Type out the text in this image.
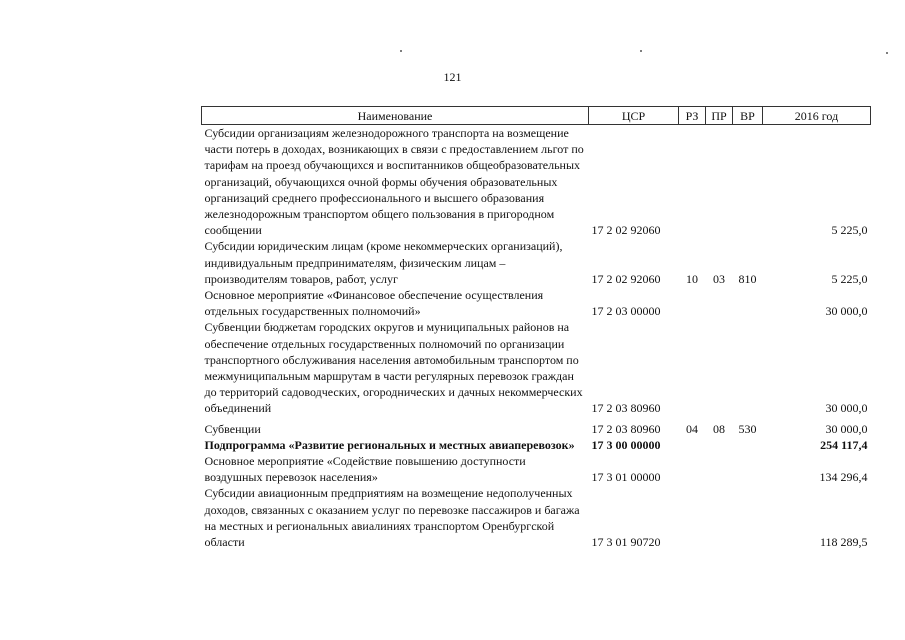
121
Наименование	ЦСР	РЗ	ПР	ВР	2016 год
Субсидии организациям железнодорожного транспорта на возмещение части потерь в доходах, возникающих в связи с предоставлением льгот по тарифам на проезд обучающихся и воспитанников общеобразовательных организаций, обучающихся очной формы обучения образовательных организаций среднего профессионального и высшего образования железнодорожным транспортом общего пользования в пригородном сообщении	17 2 02 92060				5 225,0
Субсидии юридическим лицам (кроме некоммерческих организаций), индивидуальным предпринимателям, физическим лицам – производителям товаров, работ, услуг	17 2 02 92060	10	03	810	5 225,0
Основное мероприятие «Финансовое обеспечение осуществления отдельных государственных полномочий»	17 2 03 00000				30 000,0
Субвенции бюджетам городских округов и муниципальных районов на обеспечение отдельных государственных полномочий по организации транспортного обслуживания населения автомобильным транспортом по межмуниципальным маршрутам в части регулярных перевозок граждан до территорий садоводческих, огороднических и дачных некоммерческих объединений	17 2 03 80960				30 000,0
Субвенции	17 2 03 80960	04	08	530	30 000,0
Подпрограмма «Развитие региональных и местных авиаперевозок»	17 3 00 00000				254 117,4
Основное мероприятие «Содействие повышению доступности воздушных перевозок населения»	17 3 01 00000				134 296,4
Субсидии авиационным предприятиям на возмещение недополученных доходов, связанных с оказанием услуг по перевозке пассажиров и багажа на местных и региональных авиалиниях транспортом Оренбургской области	17 3 01 90720				118 289,5
